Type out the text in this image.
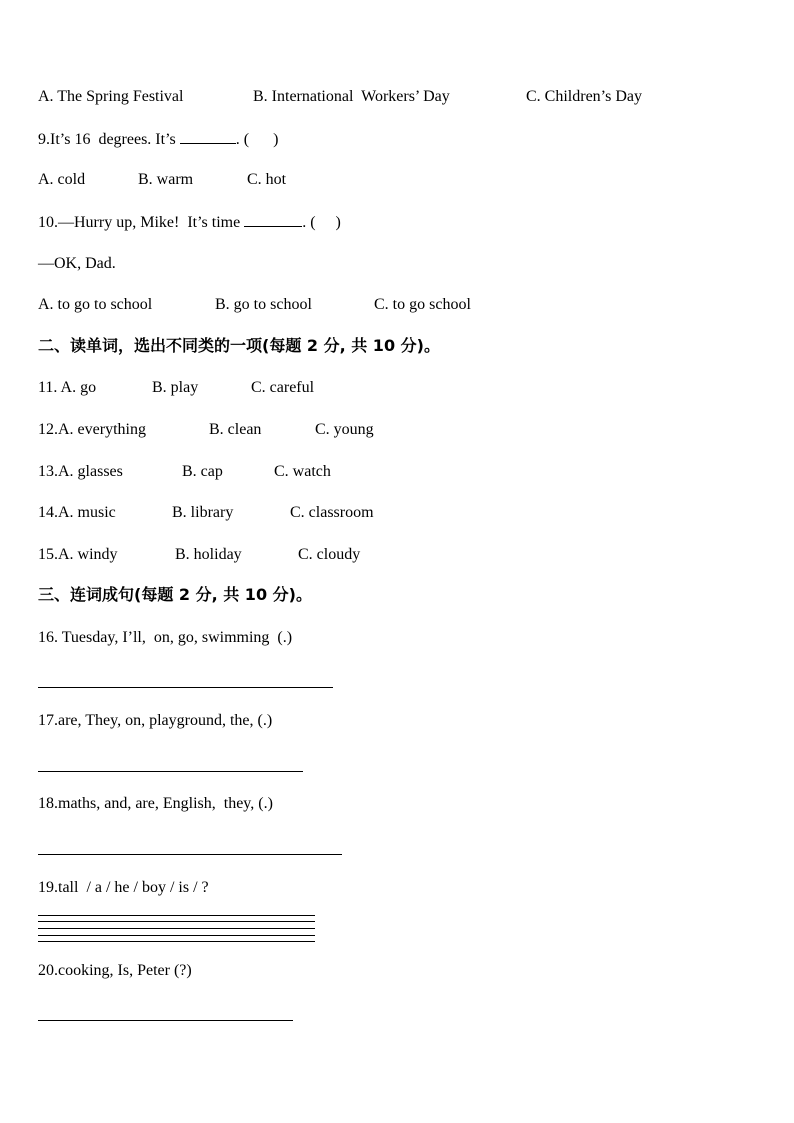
A. The Spring Festival	B. International  Workers’ Day	C. Children’s Day
9.It’s 16  degrees. It’s	. (      )
A. cold	B. warm	C. hot
10.—Hurry up, Mike!  It’s time	. (     )
—OK, Dad.
A. to go to school	B. go to school	C. to go school
二、读单词，选出不同类的一项(每题 2 分, 共 10 分)。
11. A. go	B. play	C. careful
12.A. everything	B. clean	C. young
13.A. glasses	B. cap	C. watch
14.A. music	B. library	C. classroom
15.A. windy	B. holiday	C. cloudy
三、连词成句(每题 2 分, 共 10 分)。
16. Tuesday, I’ll,  on, go, swimming  (.)
17.are, They, on, playground, the, (.)
18.maths, and, are, English,  they, (.)
19.tall  / a / he / boy / is / ?
20.cooking, Is, Peter (?)
